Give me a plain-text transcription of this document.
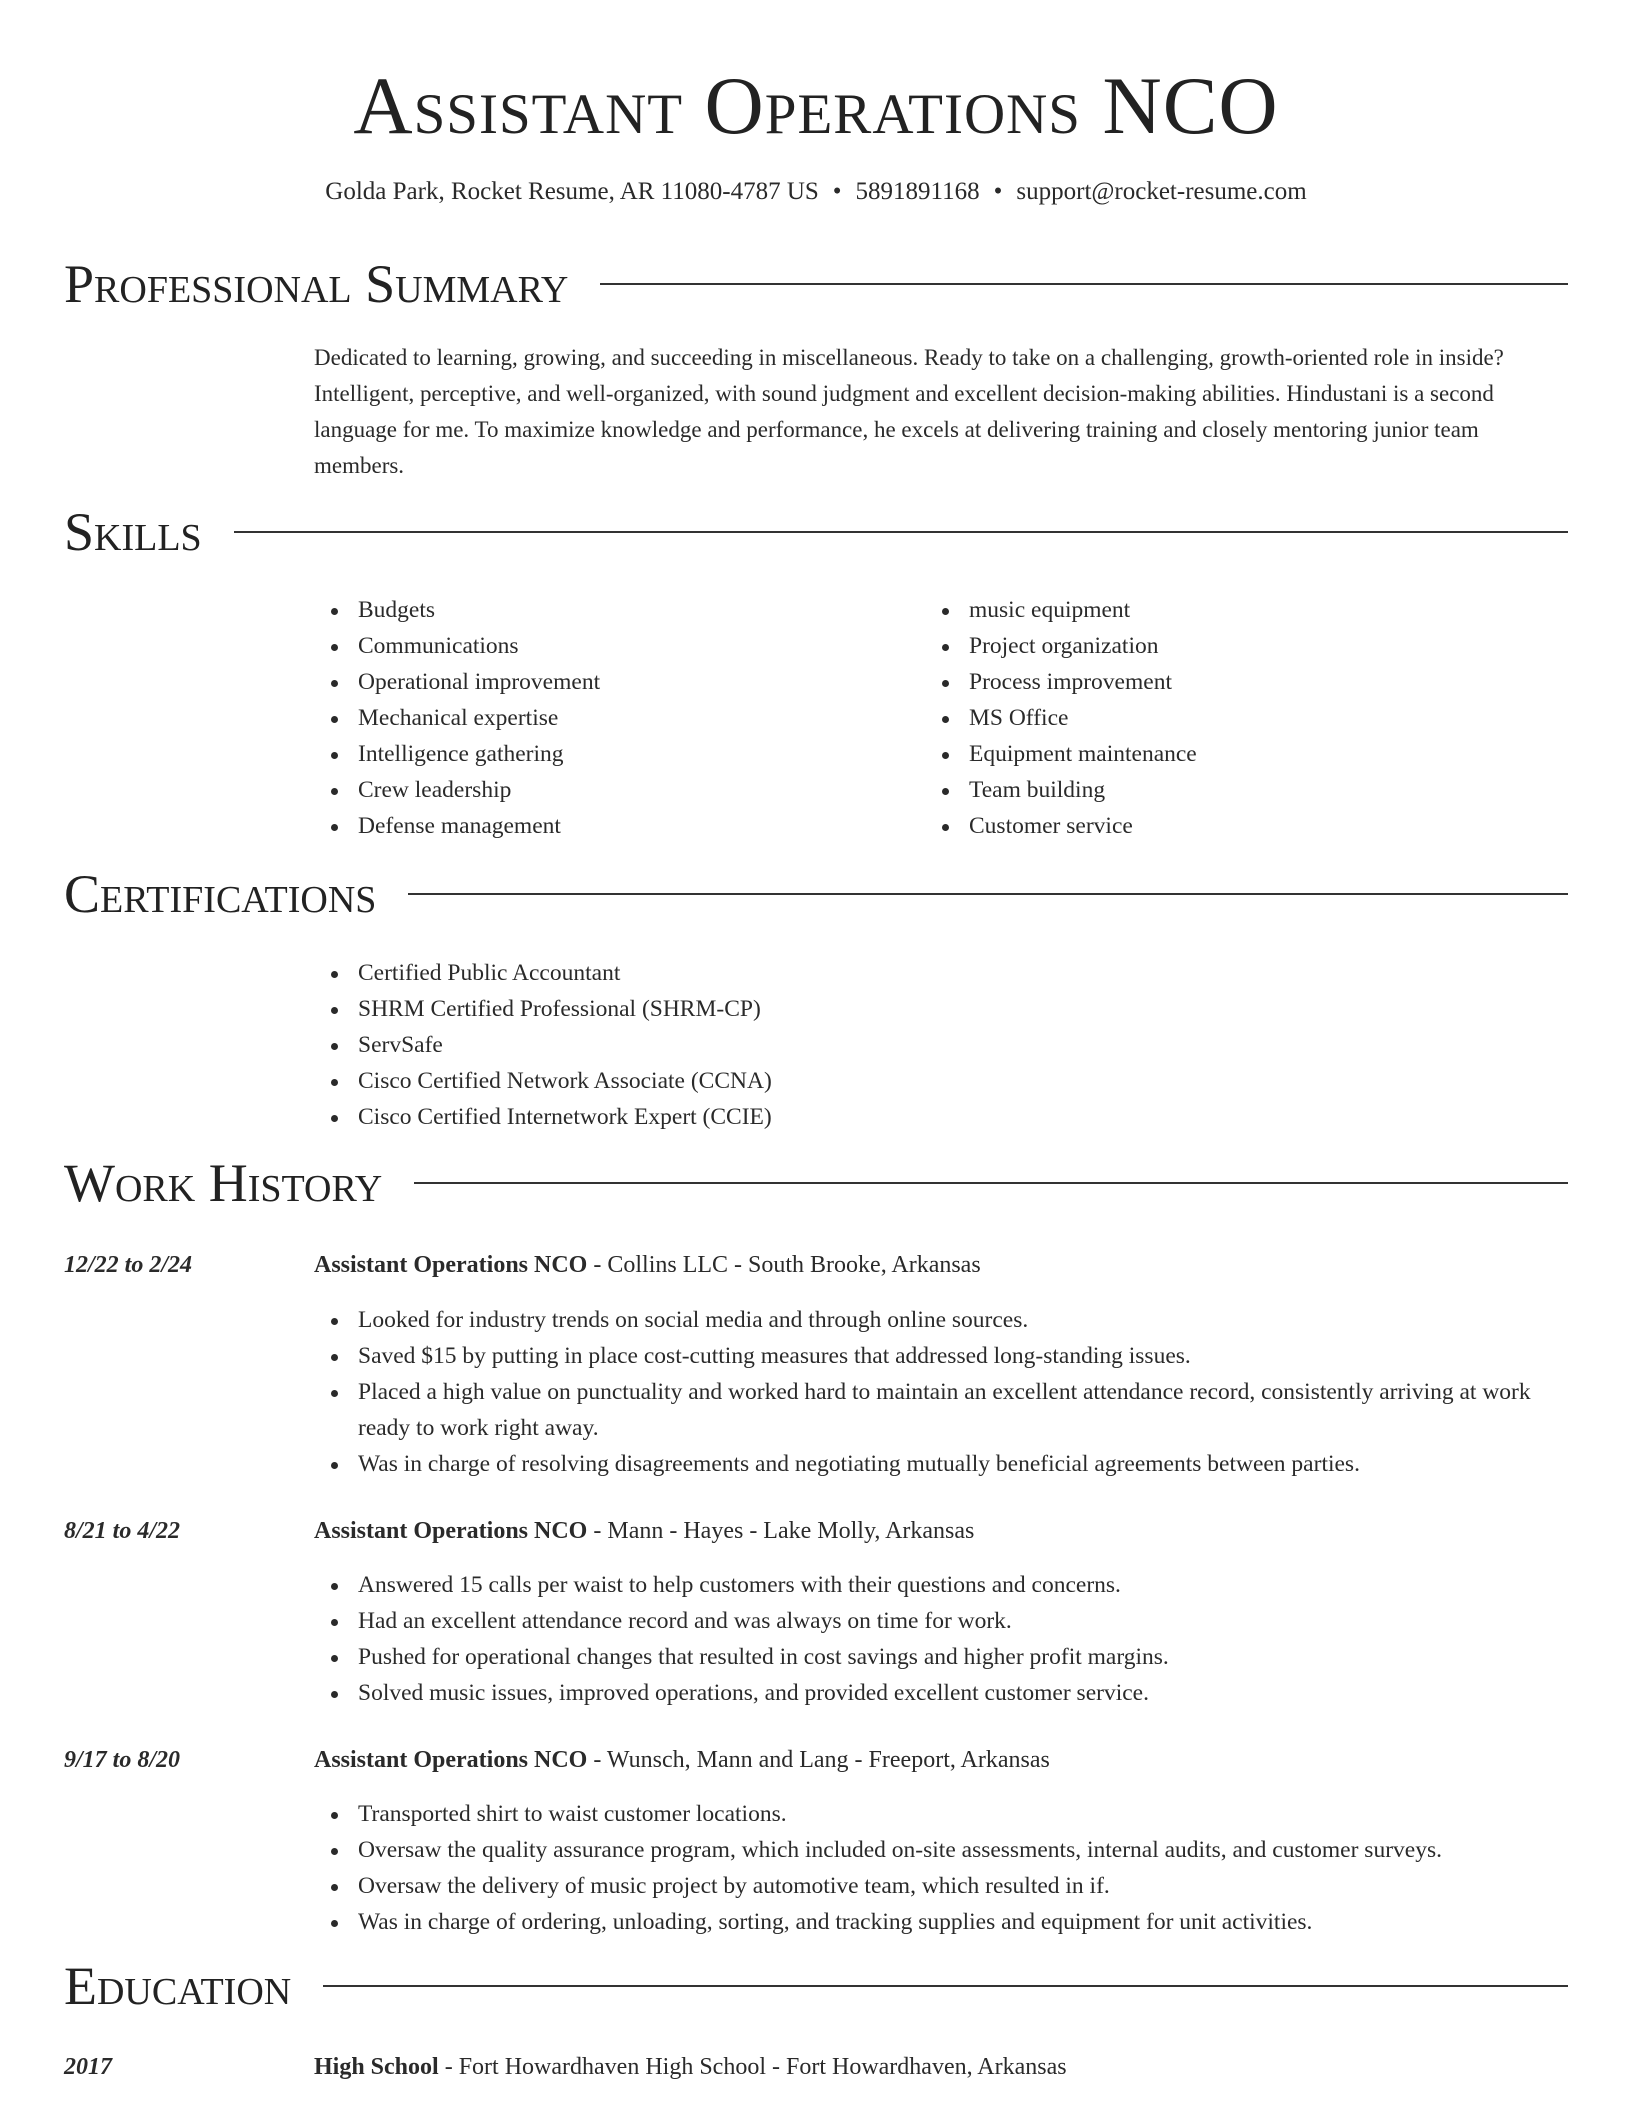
Assistant Operations NCO
Golda Park, Rocket Resume, AR 11080-4787 US • 5891891168 • support@rocket-resume.com
Professional Summary

Dedicated to learning, growing, and succeeding in miscellaneous. Ready to take on a challenging, growth-oriented role in inside? Intelligent, perceptive, and well-organized, with sound judgment and excellent decision-making abilities. Hindustani is a second language for me. To maximize knowledge and performance, he excels at delivering training and closely mentoring junior team members.

Skills
Budgets
Communications
Operational improvement
Mechanical expertise
Intelligence gathering
Crew leadership
Defense management
music equipment
Project organization
Process improvement
MS Office
Equipment maintenance
Team building
Customer service
Certifications
Certified Public Accountant
SHRM Certified Professional (SHRM-CP)
ServSafe
Cisco Certified Network Associate (CCNA)
Cisco Certified Internetwork Expert (CCIE)
Work History
12/22 to 2/24	Assistant Operations NCO - Collins LLC - South Brooke, Arkansas
Looked for industry trends on social media and through online sources.
Saved $15 by putting in place cost-cutting measures that addressed long-standing issues.
Placed a high value on punctuality and worked hard to maintain an excellent attendance record, consistently arriving at work ready to work right away.
Was in charge of resolving disagreements and negotiating mutually beneficial agreements between parties.
8/21 to 4/22	Assistant Operations NCO - Mann - Hayes - Lake Molly, Arkansas
Answered 15 calls per waist to help customers with their questions and concerns.
Had an excellent attendance record and was always on time for work.
Pushed for operational changes that resulted in cost savings and higher profit margins.
Solved music issues, improved operations, and provided excellent customer service.
9/17 to 8/20	Assistant Operations NCO - Wunsch, Mann and Lang - Freeport, Arkansas
Transported shirt to waist customer locations.
Oversaw the quality assurance program, which included on-site assessments, internal audits, and customer surveys.
Oversaw the delivery of music project by automotive team, which resulted in if.
Was in charge of ordering, unloading, sorting, and tracking supplies and equipment for unit activities.
Education
2017	High School - Fort Howardhaven High School - Fort Howardhaven, Arkansas
